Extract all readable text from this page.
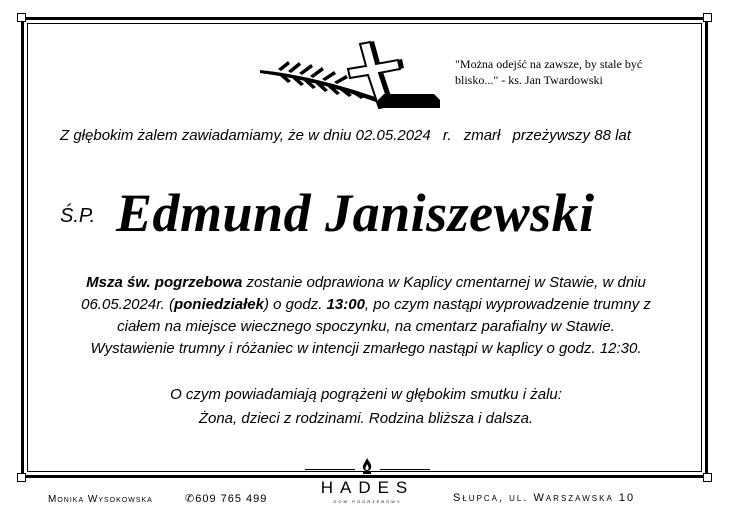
"Można odejść na zawsze, by stale być
blisko..." - ks. Jan Twardowski
Z głębokim żalem zawiadamiamy, że w dniu 02.05.2024 r. zmarł przeżywszy 88 lat
Ś.P. Edmund Janiszewski
Msza św. pogrzebowa zostanie odprawiona w Kaplicy cmentarnej w Stawie, w dniu
06.05.2024r. (poniedziałek) o godz. 13:00, po czym nastąpi wyprowadzenie trumny z
ciałem na miejsce wiecznego spoczynku, na cmentarz parafialny w Stawie.
Wystawienie trumny i różaniec w intencji zmarłego nastąpi w kaplicy o godz. 12:30.
O czym powiadamiają pogrążeni w głębokim smutku i żalu:
Żona, dzieci z rodzinami. Rodzina bliższa i dalsza.
Monika Wysokowska	✆609 765 499
HADES
dom pogrzebowy	Słupca, ul. Warszawska 10
